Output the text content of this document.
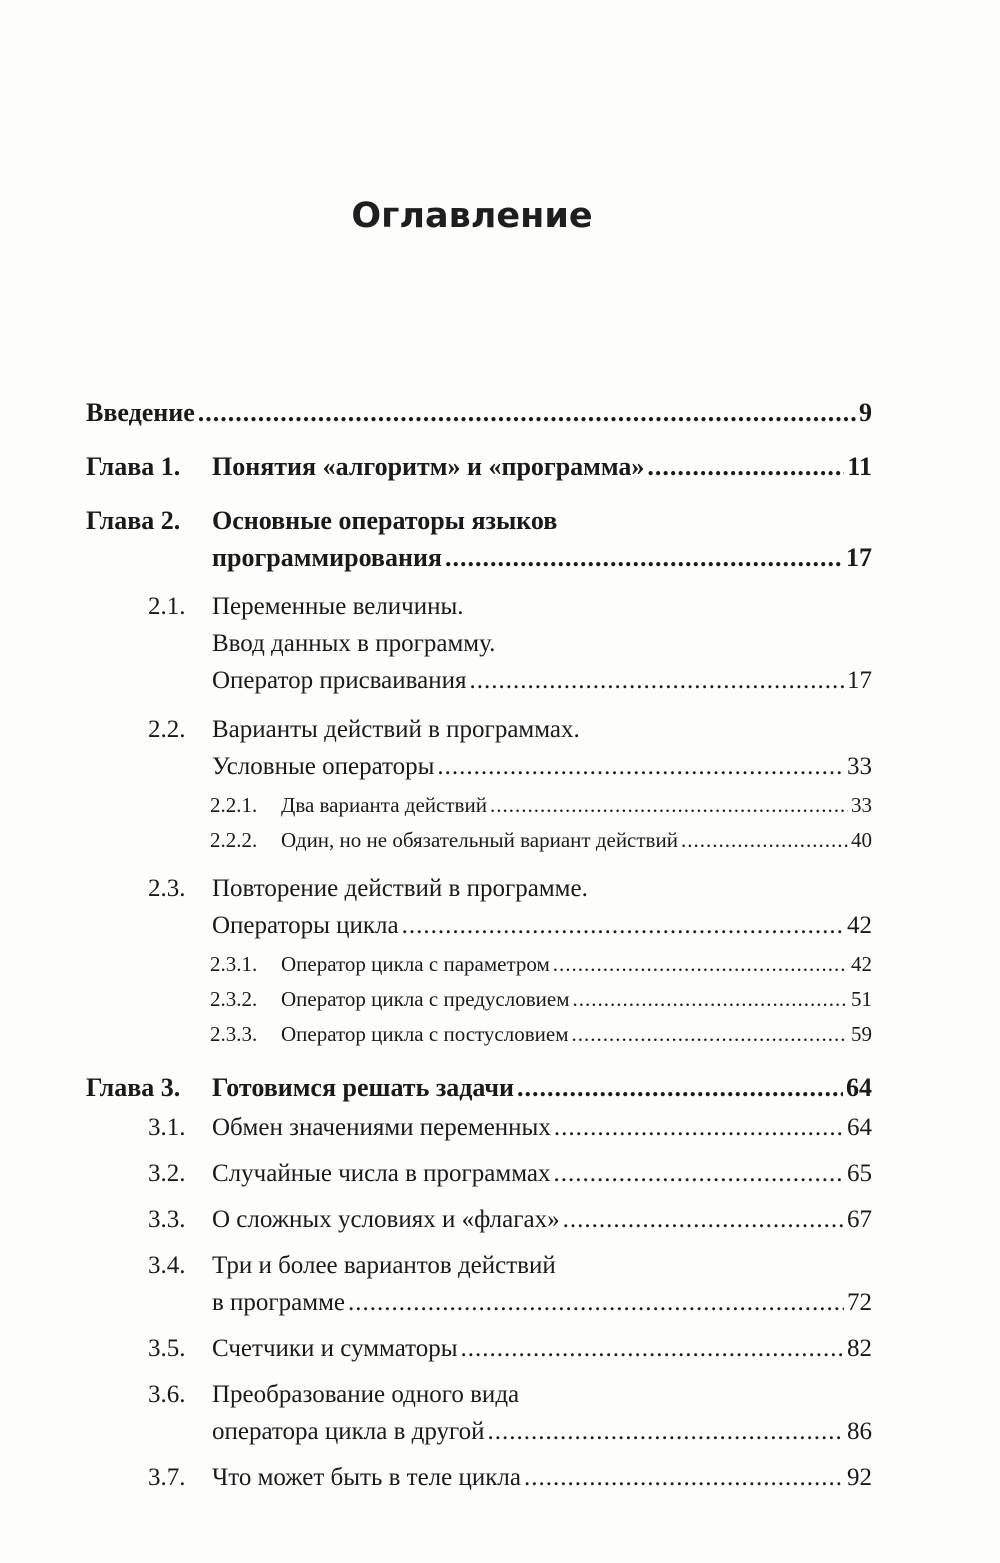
Оглавление
Введение .....	9
Глава 1. Понятия «алгоритм» и «программа» .....	11
Глава 2. Основные операторы языков
программирования .....	17
2.1. Переменные величины.
Ввод данных в программу.
Оператор присваивания .....	17
2.2. Варианты действий в программах.
Условные операторы .....	33
2.2.1. Два варианта действий .....	33
2.2.2. Один, но не обязательный вариант действий .....	40
2.3. Повторение действий в программе.
Операторы цикла .....	42
2.3.1. Оператор цикла с параметром .....	42
2.3.2. Оператор цикла с предусловием .....	51
2.3.3. Оператор цикла с постусловием .....	59
Глава 3. Готовимся решать задачи .....	64
3.1. Обмен значениями переменных .....	64
3.2. Случайные числа в программах .....	65
3.3. О сложных условиях и «флагах» .....	67
3.4. Три и более вариантов действий
в программе .....	72
3.5. Счетчики и сумматоры .....	82
3.6. Преобразование одного вида
оператора цикла в другой .....	86
3.7. Что может быть в теле цикла .....	92
